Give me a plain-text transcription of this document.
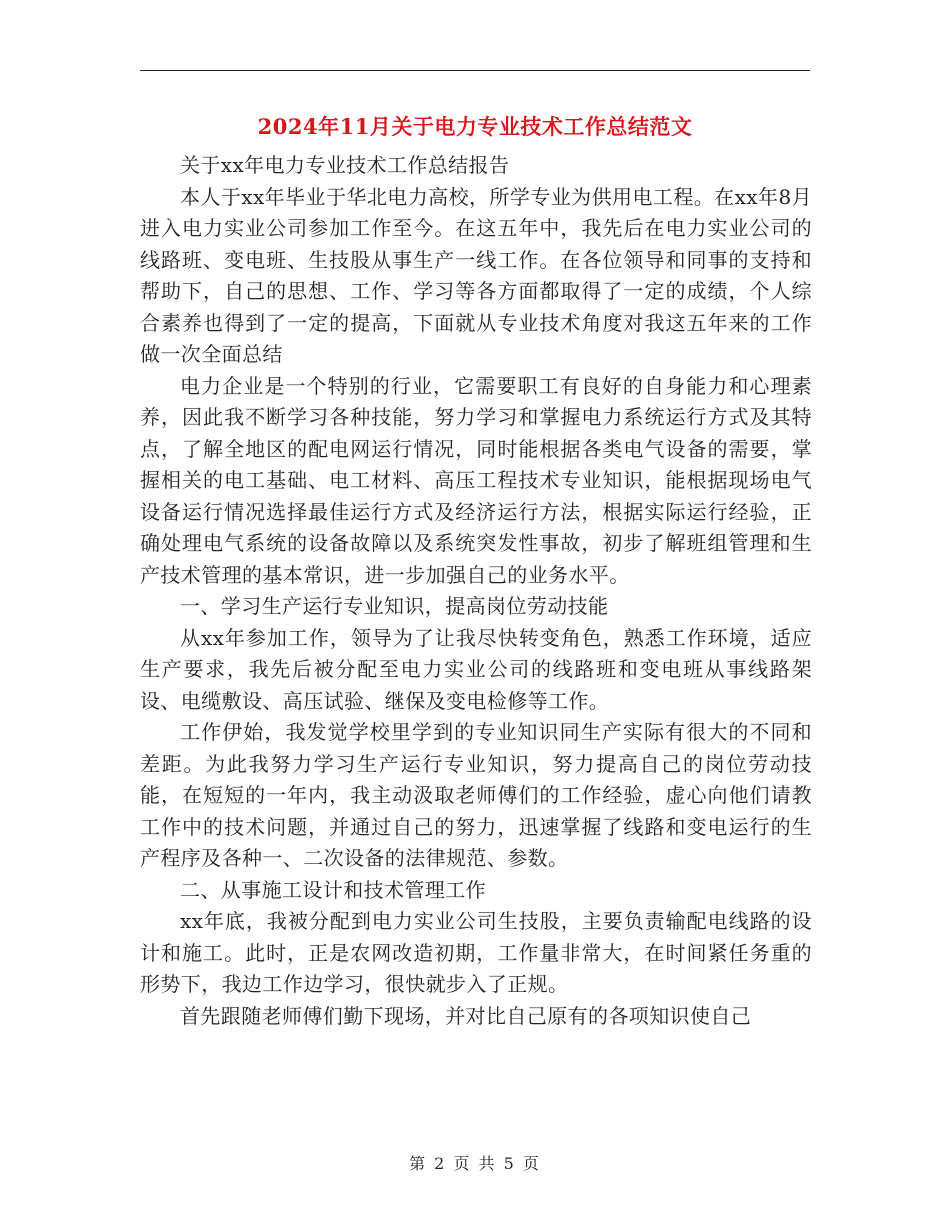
2024年11月关于电力专业技术工作总结范文

关于xx年电力专业技术工作总结报告

本人于xx年毕业于华北电力高校，所学专业为供用电工程。在xx年8月进入电力实业公司参加工作至今。在这五年中，我先后在电力实业公司的线路班、变电班、生技股从事生产一线工作。在各位领导和同事的支持和帮助下，自己的思想、工作、学习等各方面都取得了一定的成绩，个人综合素养也得到了一定的提高，下面就从专业技术角度对我这五年来的工作做一次全面总结

电力企业是一个特别的行业，它需要职工有良好的自身能力和心理素养，因此我不断学习各种技能，努力学习和掌握电力系统运行方式及其特点，了解全地区的配电网运行情况，同时能根据各类电气设备的需要，掌握相关的电工基础、电工材料、高压工程技术专业知识，能根据现场电气设备运行情况选择最佳运行方式及经济运行方法，根据实际运行经验，正确处理电气系统的设备故障以及系统突发性事故，初步了解班组管理和生产技术管理的基本常识，进一步加强自己的业务水平。

一、学习生产运行专业知识，提高岗位劳动技能

从xx年参加工作，领导为了让我尽快转变角色，熟悉工作环境，适应生产要求，我先后被分配至电力实业公司的线路班和变电班从事线路架设、电缆敷设、高压试验、继保及变电检修等工作。

工作伊始，我发觉学校里学到的专业知识同生产实际有很大的不同和差距。为此我努力学习生产运行专业知识，努力提高自己的岗位劳动技能，在短短的一年内，我主动汲取老师傅们的工作经验，虚心向他们请教工作中的技术问题，并通过自己的努力，迅速掌握了线路和变电运行的生产程序及各种一、二次设备的法律规范、参数。

二、从事施工设计和技术管理工作

xx年底，我被分配到电力实业公司生技股，主要负责输配电线路的设计和施工。此时，正是农网改造初期，工作量非常大，在时间紧任务重的形势下，我边工作边学习，很快就步入了正规。

首先跟随老师傅们勤下现场，并对比自己原有的各项知识使自己

第 2 页 共 5 页
